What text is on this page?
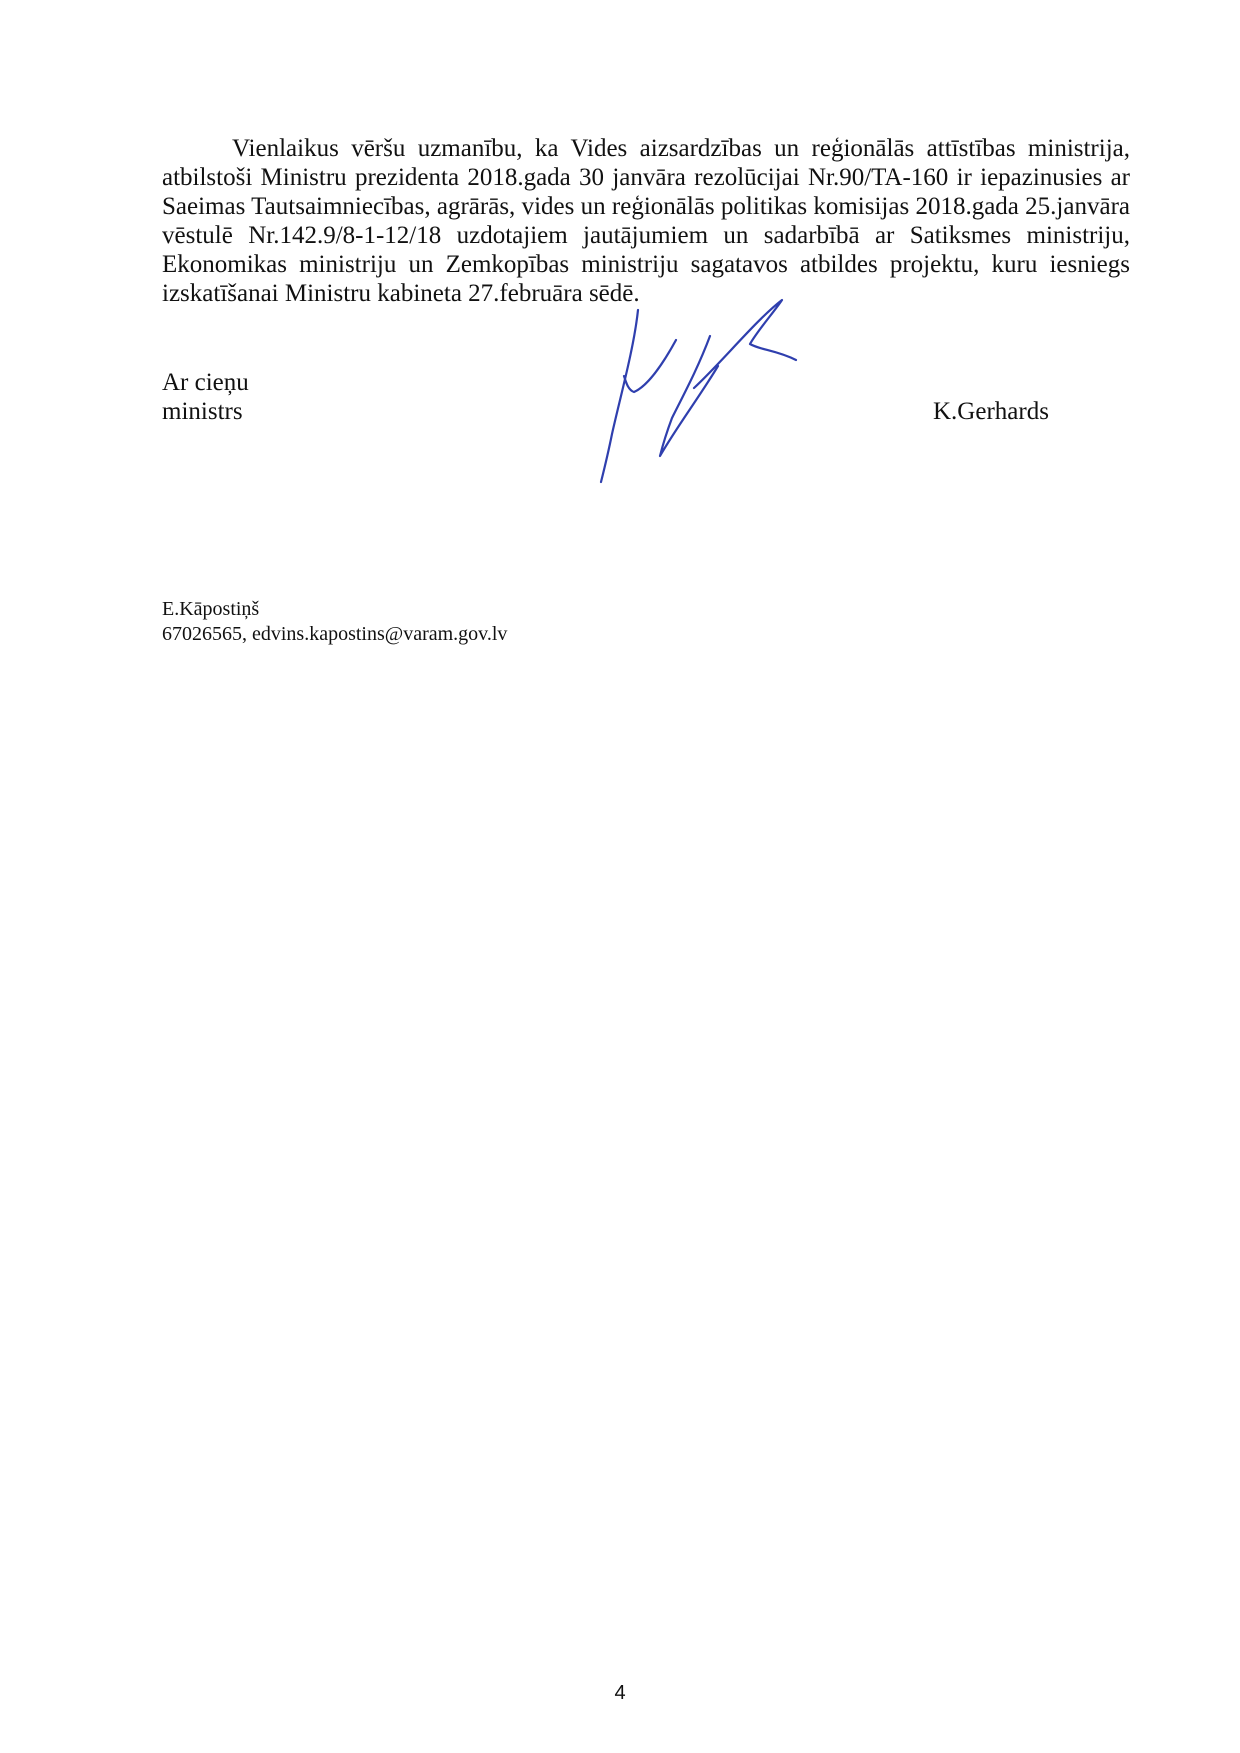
Vienlaikus vēršu uzmanību, ka Vides aizsardzības un reģionālās attīstības ministrija, atbilstoši Ministru prezidenta 2018.gada 30 janvāra rezolūcijai Nr.90/TA-160 ir iepazinusies ar Saeimas Tautsaimniecības, agrārās, vides un reģionālās politikas komisijas 2018.gada 25.janvāra vēstulē Nr.142.9/8-1-12/18 uzdotajiem jautājumiem un sadarbībā ar Satiksmes ministriju, Ekonomikas ministriju un Zemkopības ministriju sagatavos atbildes projektu, kuru iesniegs izskatīšanai Ministru kabineta 27.februāra sēdē.

Ar cieņu
ministrs	K.Gerhards
E.Kāpostiņš
67026565, edvins.kapostins@varam.gov.lv
4
